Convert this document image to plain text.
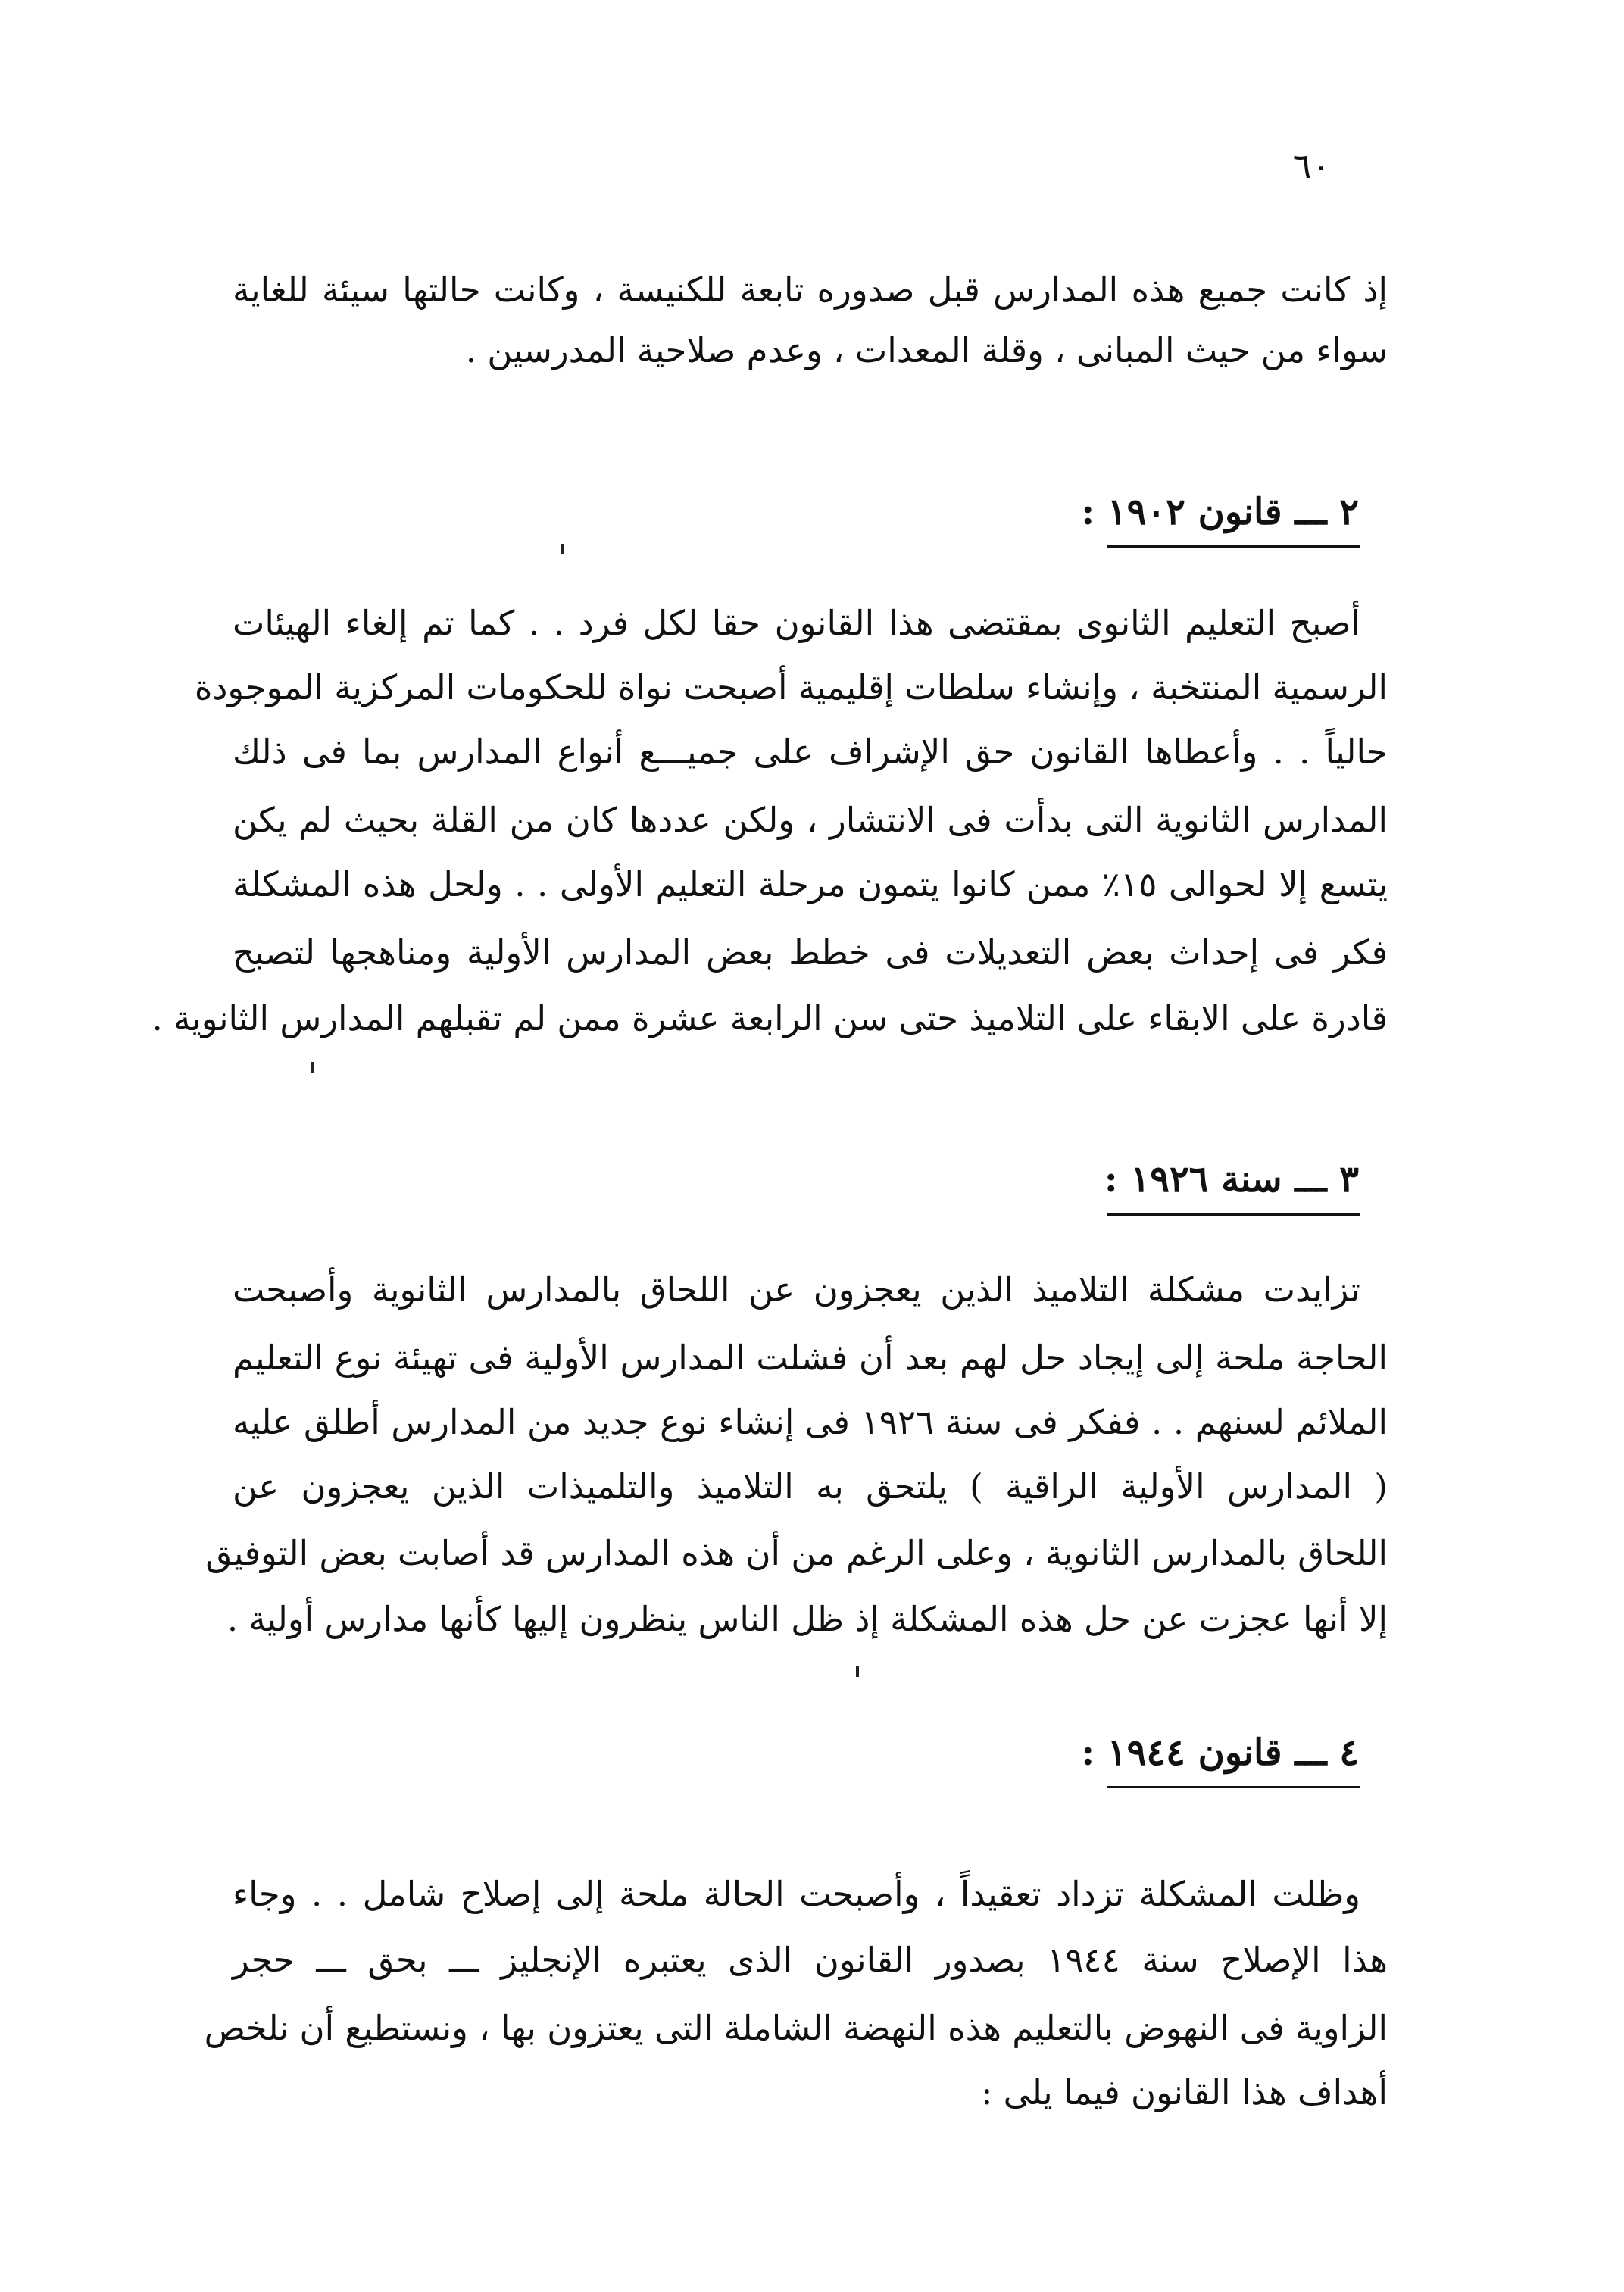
٦٠
إذ كانت جميع هذه المدارس قبل صدوره تابعة للكنيسة ، وكانت حالتها سيئة للغاية
سواء من حيث المبانى ، وقلة المعدات ، وعدم صلاحية المدرسين .
٢ ـــ قانون ١٩٠٢ :
أصبح التعليم الثانوى بمقتضى هذا القانون حقا لكل فرد . . كما تم إلغاء الهيئات
الرسمية المنتخبة ، وإنشاء سلطات إقليمية أصبحت نواة للحكومات المركزية الموجودة
حالياً . . وأعطاها القانون حق الإشراف على جميـــع أنواع المدارس بما فى ذلك
المدارس الثانوية التى بدأت فى الانتشار ، ولكن عددها كان من القلة بحيث لم يكن
يتسع إلا لحوالى ١٥٪ ممن كانوا يتمون مرحلة التعليم الأولى . . ولحل هذه المشكلة
فكر فى إحداث بعض التعديلات فى خطط بعض المدارس الأولية ومناهجها لتصبح
قادرة على الابقاء على التلاميذ حتى سن الرابعة عشرة ممن لم تقبلهم المدارس الثانوية .
٣ ـــ سنة ١٩٢٦ :
تزايدت مشكلة التلاميذ الذين يعجزون عن اللحاق بالمدارس الثانوية وأصبحت
الحاجة ملحة إلى إيجاد حل لهم بعد أن فشلت المدارس الأولية فى تهيئة نوع التعليم
الملائم لسنهم . . ففكر فى سنة ١٩٢٦ فى إنشاء نوع جديد من المدارس أطلق عليه
( المدارس الأولية الراقية ) يلتحق به التلاميذ والتلميذات الذين يعجزون عن
اللحاق بالمدارس الثانوية ، وعلى الرغم من أن هذه المدارس قد أصابت بعض التوفيق
إلا أنها عجزت عن حل هذه المشكلة إذ ظل الناس ينظرون إليها كأنها مدارس أولية .
٤ ـــ قانون ١٩٤٤ :
وظلت المشكلة تزداد تعقيداً ، وأصبحت الحالة ملحة إلى إصلاح شامل . . وجاء
هذا الإصلاح سنة ١٩٤٤ بصدور القانون الذى يعتبره الإنجليز ـــ بحق ـــ حجر
الزاوية فى النهوض بالتعليم هذه النهضة الشاملة التى يعتزون بها ، ونستطيع أن نلخص
أهداف هذا القانون فيما يلى :
